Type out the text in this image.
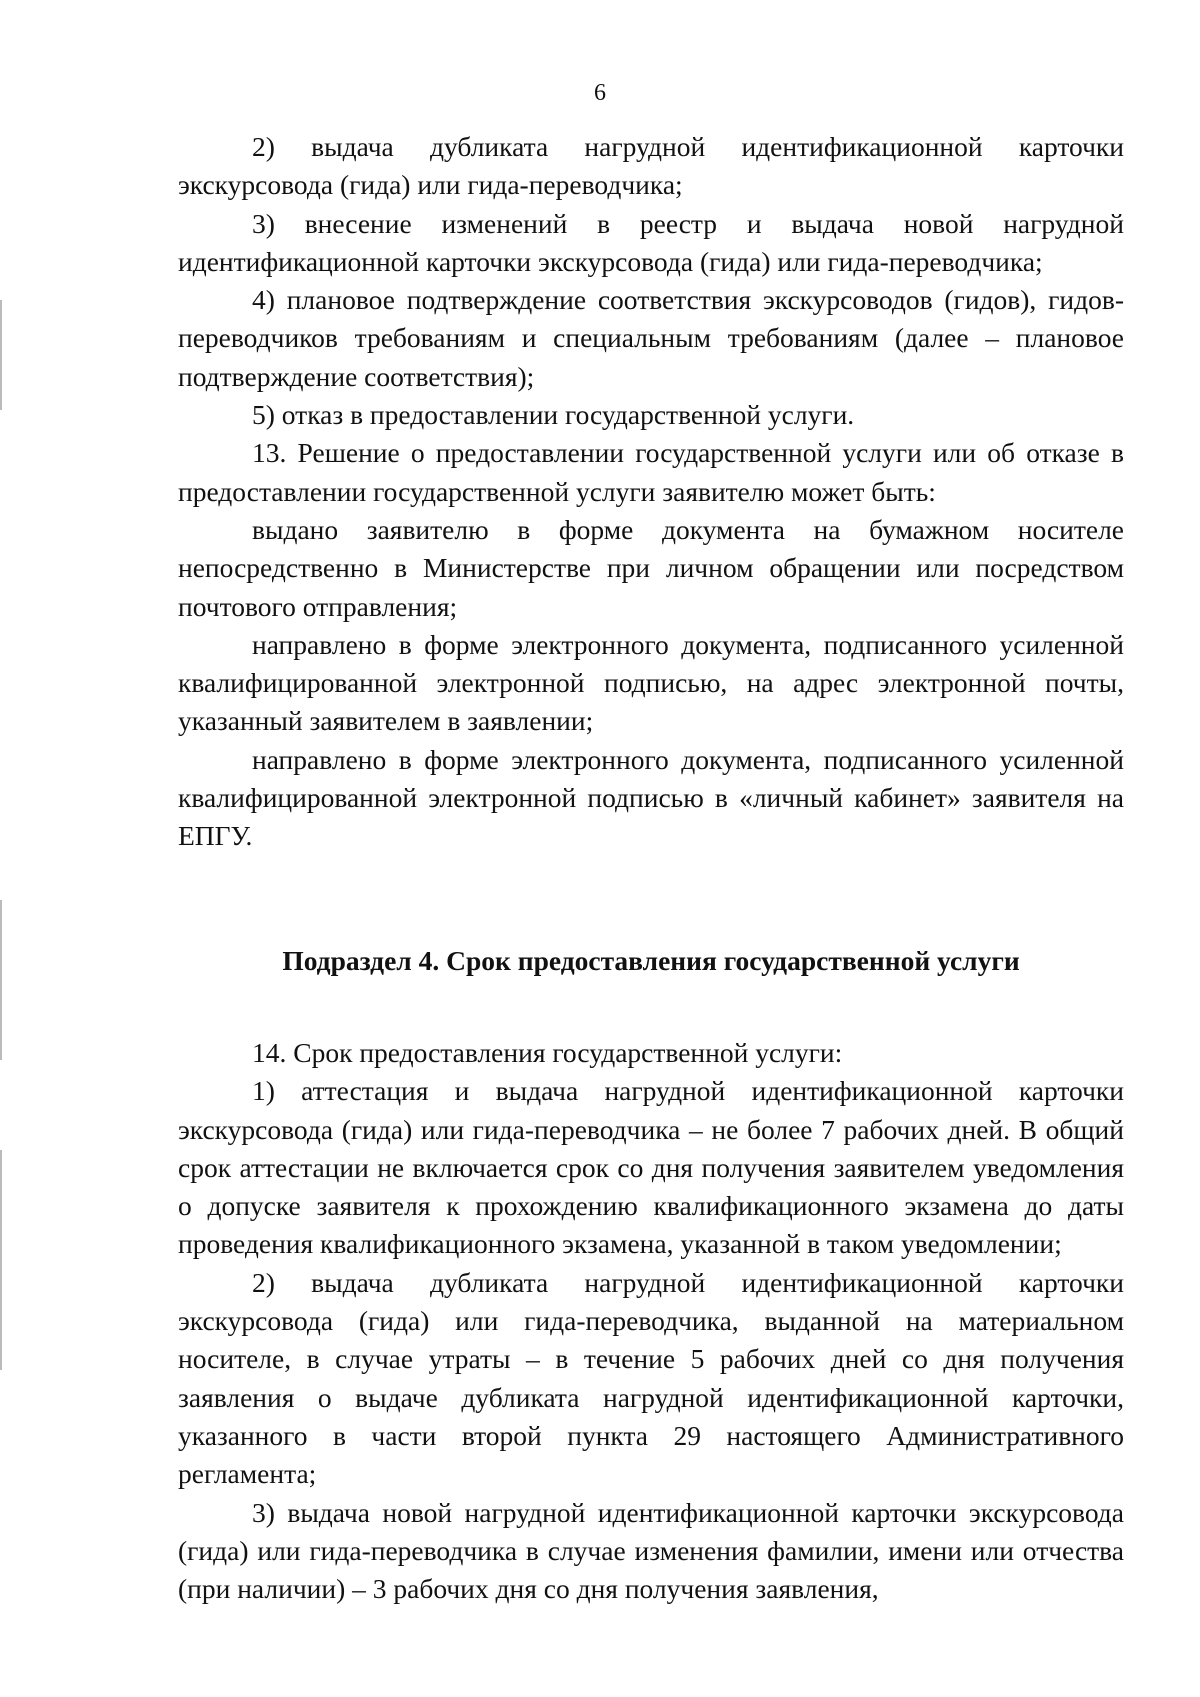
6

2) выдача дубликата нагрудной идентификационной карточки экскурсовода (гида) или гида-переводчика;

3) внесение изменений в реестр и выдача новой нагрудной идентификационной карточки экскурсовода (гида) или гида-переводчика;

4) плановое подтверждение соответствия экскурсоводов (гидов), гидов-переводчиков требованиям и специальным требованиям (далее – плановое подтверждение соответствия);

5) отказ в предоставлении государственной услуги.

13. Решение о предоставлении государственной услуги или об отказе в предоставлении государственной услуги заявителю может быть:

выдано заявителю в форме документа на бумажном носителе непосредственно в Министерстве при личном обращении или посредством почтового отправления;

направлено в форме электронного документа, подписанного усиленной квалифицированной электронной подписью, на адрес электронной почты, указанный заявителем в заявлении;

направлено в форме электронного документа, подписанного усиленной квалифицированной электронной подписью в «личный кабинет» заявителя на ЕПГУ.

Подраздел 4. Срок предоставления государственной услуги

14. Срок предоставления государственной услуги:

1) аттестация и выдача нагрудной идентификационной карточки экскурсовода (гида) или гида-переводчика – не более 7 рабочих дней. В общий срок аттестации не включается срок со дня получения заявителем уведомления о допуске заявителя к прохождению квалификационного экзамена до даты проведения квалификационного экзамена, указанной в таком уведомлении;

2) выдача дубликата нагрудной идентификационной карточки экскурсовода (гида) или гида-переводчика, выданной на материальном носителе, в случае утраты – в течение 5 рабочих дней со дня получения заявления о выдаче дубликата нагрудной идентификационной карточки, указанного в части второй пункта 29 настоящего Административного регламента;

3) выдача новой нагрудной идентификационной карточки экскурсовода (гида) или гида-переводчика в случае изменения фамилии, имени или отчества (при наличии) – 3 рабочих дня со дня получения заявления,
